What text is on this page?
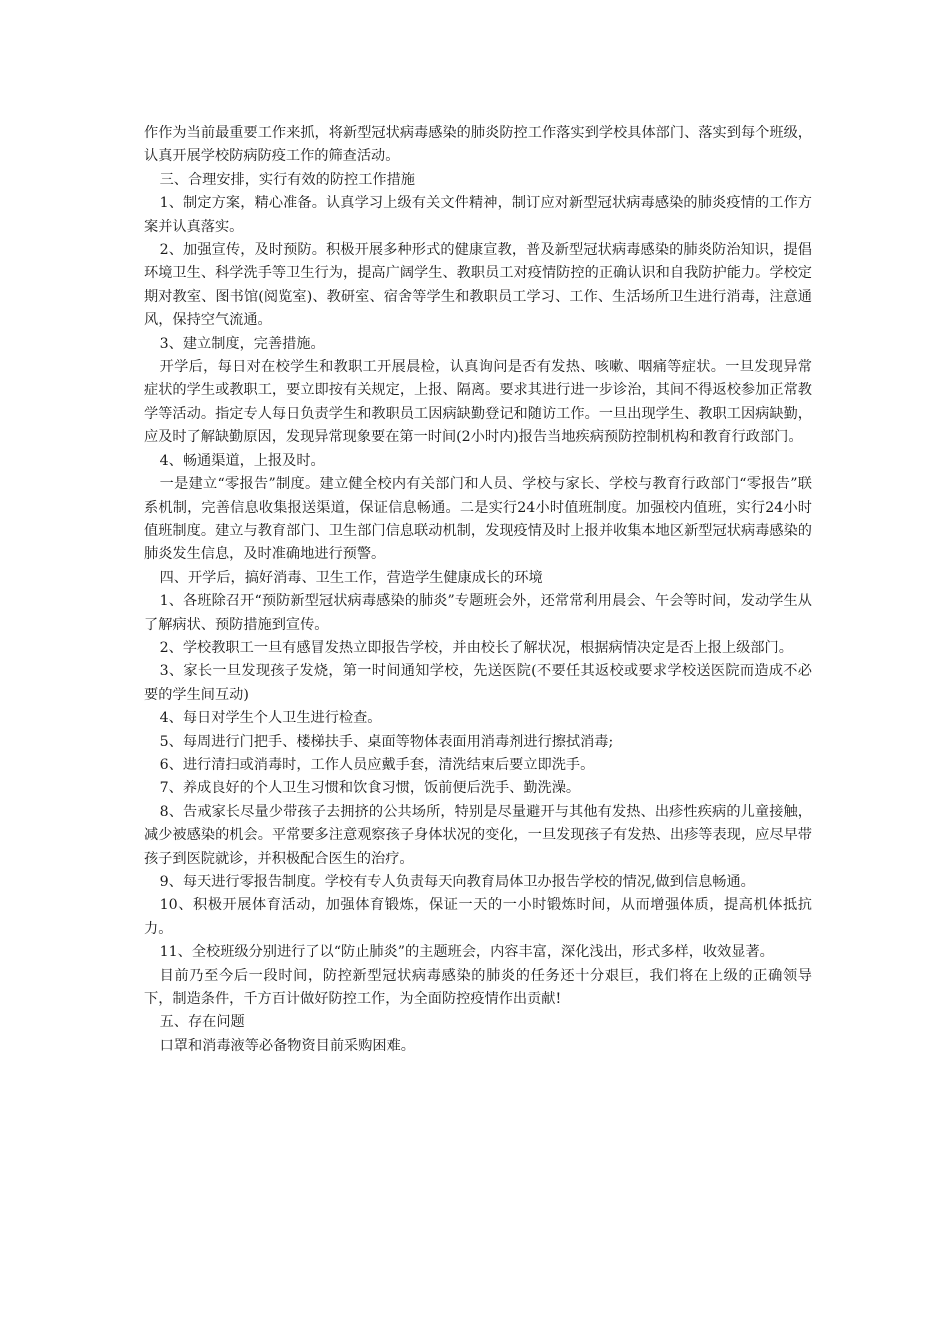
作作为当前最重要工作来抓，将新型冠状病毒感染的肺炎防控工作落实到学校具体部门、落实到每个班级，认真开展学校防病防疫工作的筛查活动。

三、合理安排，实行有效的防控工作措施

1、制定方案，精心准备。认真学习上级有关文件精神，制订应对新型冠状病毒感染的肺炎疫情的工作方案并认真落实。

2、加强宣传，及时预防。积极开展多种形式的健康宣教，普及新型冠状病毒感染的肺炎防治知识，提倡环境卫生、科学洗手等卫生行为，提高广阔学生、教职员工对疫情防控的正确认识和自我防护能力。学校定期对教室、图书馆(阅览室)、教研室、宿舍等学生和教职员工学习、工作、生活场所卫生进行消毒，注意通风，保持空气流通。

3、建立制度，完善措施。

开学后，每日对在校学生和教职工开展晨检，认真询问是否有发热、咳嗽、咽痛等症状。一旦发现异常症状的学生或教职工，要立即按有关规定，上报、隔离。要求其进行进一步诊治，其间不得返校参加正常教学等活动。指定专人每日负责学生和教职员工因病缺勤登记和随访工作。一旦出现学生、教职工因病缺勤，应及时了解缺勤原因，发现异常现象要在第一时间(2小时内)报告当地疾病预防控制机构和教育行政部门。

4、畅通渠道，上报及时。

一是建立“零报告”制度。建立健全校内有关部门和人员、学校与家长、学校与教育行政部门“零报告”联系机制，完善信息收集报送渠道，保证信息畅通。二是实行24小时值班制度。加强校内值班，实行24小时值班制度。建立与教育部门、卫生部门信息联动机制，发现疫情及时上报并收集本地区新型冠状病毒感染的肺炎发生信息，及时准确地进行预警。

四、开学后，搞好消毒、卫生工作，营造学生健康成长的环境

1、各班除召开“预防新型冠状病毒感染的肺炎”专题班会外，还常常利用晨会、午会等时间，发动学生从了解病状、预防措施到宣传。

2、学校教职工一旦有感冒发热立即报告学校，并由校长了解状况，根据病情决定是否上报上级部门。

3、家长一旦发现孩子发烧，第一时间通知学校，先送医院(不要任其返校或要求学校送医院而造成不必要的学生间互动)

4、每日对学生个人卫生进行检查。

5、每周进行门把手、楼梯扶手、桌面等物体表面用消毒剂进行擦拭消毒;

6、进行清扫或消毒时，工作人员应戴手套，清洗结束后要立即洗手。

7、养成良好的个人卫生习惯和饮食习惯，饭前便后洗手、勤洗澡。

8、告戒家长尽量少带孩子去拥挤的公共场所，特别是尽量避开与其他有发热、出疹性疾病的儿童接触，减少被感染的机会。平常要多注意观察孩子身体状况的变化，一旦发现孩子有发热、出疹等表现，应尽早带孩子到医院就诊，并积极配合医生的治疗。

9、每天进行零报告制度。学校有专人负责每天向教育局体卫办报告学校的情况,做到信息畅通。

10、积极开展体育活动，加强体育锻炼，保证一天的一小时锻炼时间，从而增强体质，提高机体抵抗力。

11、全校班级分别进行了以“防止肺炎”的主题班会，内容丰富，深化浅出，形式多样，收效显著。

目前乃至今后一段时间，防控新型冠状病毒感染的肺炎的任务还十分艰巨，我们将在上级的正确领导下，制造条件，千方百计做好防控工作，为全面防控疫情作出贡献!

五、存在问题

口罩和消毒液等必备物资目前采购困难。
